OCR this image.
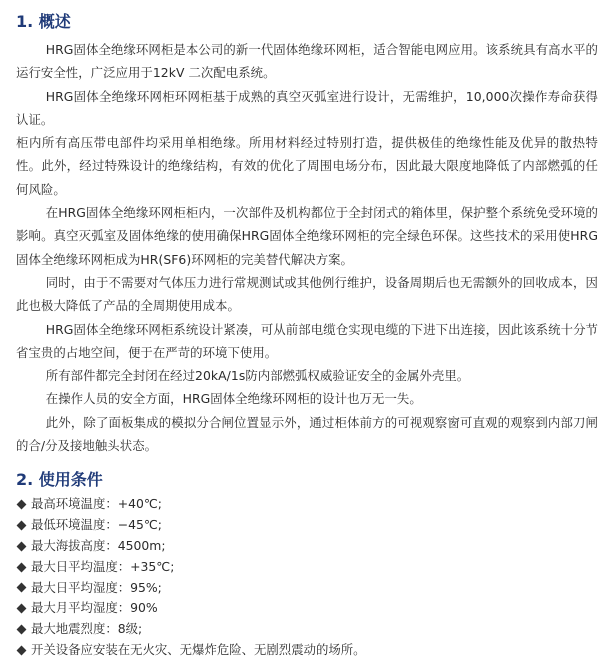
1. 概述

HRG固体全绝缘环网柜是本公司的新一代固体绝缘环网柜，适合智能电网应用。该系统具有高水平的运行安全性，广泛应用于12kV 二次配电系统。

HRG固体全绝缘环网柜环网柜基于成熟的真空灭弧室进行设计，无需维护，10,000次操作寿命获得认证。

柜内所有高压带电部件均采用单相绝缘。所用材料经过特别打造，提供极佳的绝缘性能及优异的散热特性。此外，经过特殊设计的绝缘结构，有效的优化了周围电场分布，因此最大限度地降低了内部燃弧的任何风险。

在HRG固体全绝缘环网柜柜内，一次部件及机构都位于全封闭式的箱体里，保护整个系统免受环境的影响。真空灭弧室及固体绝缘的使用确保HRG固体全绝缘环网柜的完全绿色环保。这些技术的采用使HRG固体全绝缘环网柜成为HR(SF6)环网柜的完美替代解决方案。

同时，由于不需要对气体压力进行常规测试或其他例行维护，设备周期后也无需额外的回收成本，因此也极大降低了产品的全周期使用成本。

HRG固体全绝缘环网柜系统设计紧凑，可从前部电缆仓实现电缆的下进下出连接，因此该系统十分节省宝贵的占地空间，便于在严苛的环境下使用。

所有部件都完全封闭在经过20kA/1s防内部燃弧权威验证安全的金属外壳里。

在操作人员的安全方面，HRG固体全绝缘环网柜的设计也万无一失。

此外，除了面板集成的模拟分合闸位置显示外，通过柜体前方的可视观察窗可直观的观察到内部刀闸的合/分及接地触头状态。

2. 使用条件
最高环境温度：+40℃;
最低环境温度：−45℃;
最大海拔高度：4500m;
最大日平均温度：+35℃;
最大日平均湿度：95%;
最大月平均湿度：90%
最大地震烈度：8级;
开关设备应安装在无火灾、无爆炸危险、无剧烈震动的场所。
